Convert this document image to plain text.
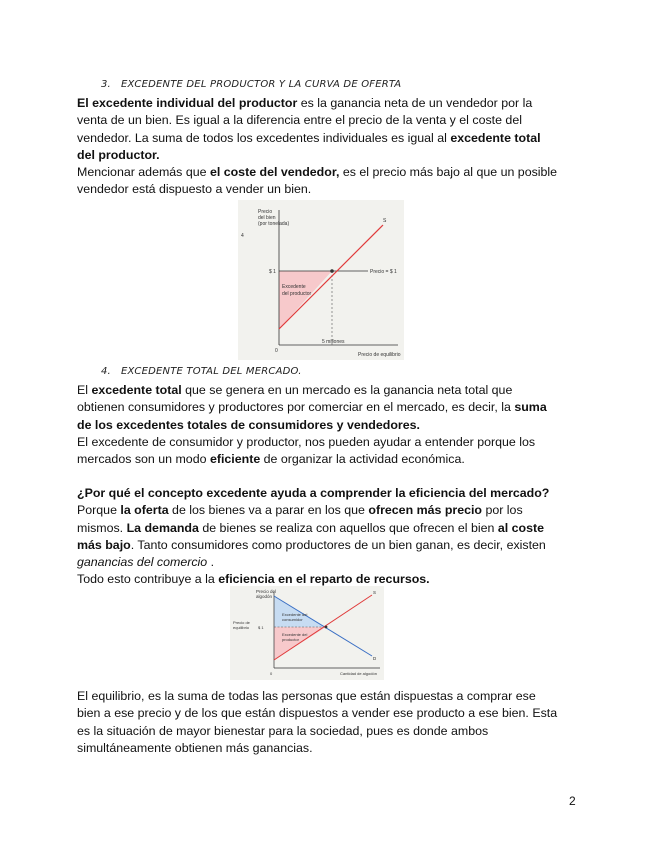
3. EXCEDENTE DEL PRODUCTOR Y LA CURVA DE OFERTA
El excedente individual del productor es la ganancia neta de un vendedor por la
venta de un bien. Es igual a la diferencia entre el precio de la venta y el coste del
vendedor. La suma de todos los excedentes individuales es igual al excedente total
del productor.
Mencionar además que el coste del vendedor, es el precio más bajo al que un posible
vendedor está dispuesto a vender un bien.
Precio
del bien
(por tonelada)
4
S
$ 1	Precio = $ 1
Excedente
del productor
5 millones
0
Precio de equilibrio
4. EXCEDENTE TOTAL DEL MERCADO.
El excedente total que se genera en un mercado es la ganancia neta total que
obtienen consumidores y productores por comerciar en el mercado, es decir, la suma
de los excedentes totales de consumidores y vendedores.
El excedente de consumidor y productor, nos pueden ayudar a entender porque los
mercados son un modo eficiente de organizar la actividad económica.
¿Por qué el concepto excedente ayuda a comprender la eficiencia del mercado?
Porque la oferta de los bienes va a parar en los que ofrecen más precio por los
mismos. La demanda de bienes se realiza con aquellos que ofrecen el bien al coste
más bajo. Tanto consumidores como productores de un bien ganan, es decir, existen
ganancias del comercio .
Todo esto contribuye a la eficiencia en el reparto de recursos.
Precio del
algodón
S
D
Excedente del
consumidor
Excedente del
productor
Precio de
equilibrio $ 1
Cantidad de algodón
0
El equilibrio, es la suma de todas las personas que están dispuestas a comprar ese
bien a ese precio y de los que están dispuestos a vender ese producto a ese bien. Esta
es la situación de mayor bienestar para la sociedad, pues es donde ambos
simultáneamente obtienen más ganancias.
2
